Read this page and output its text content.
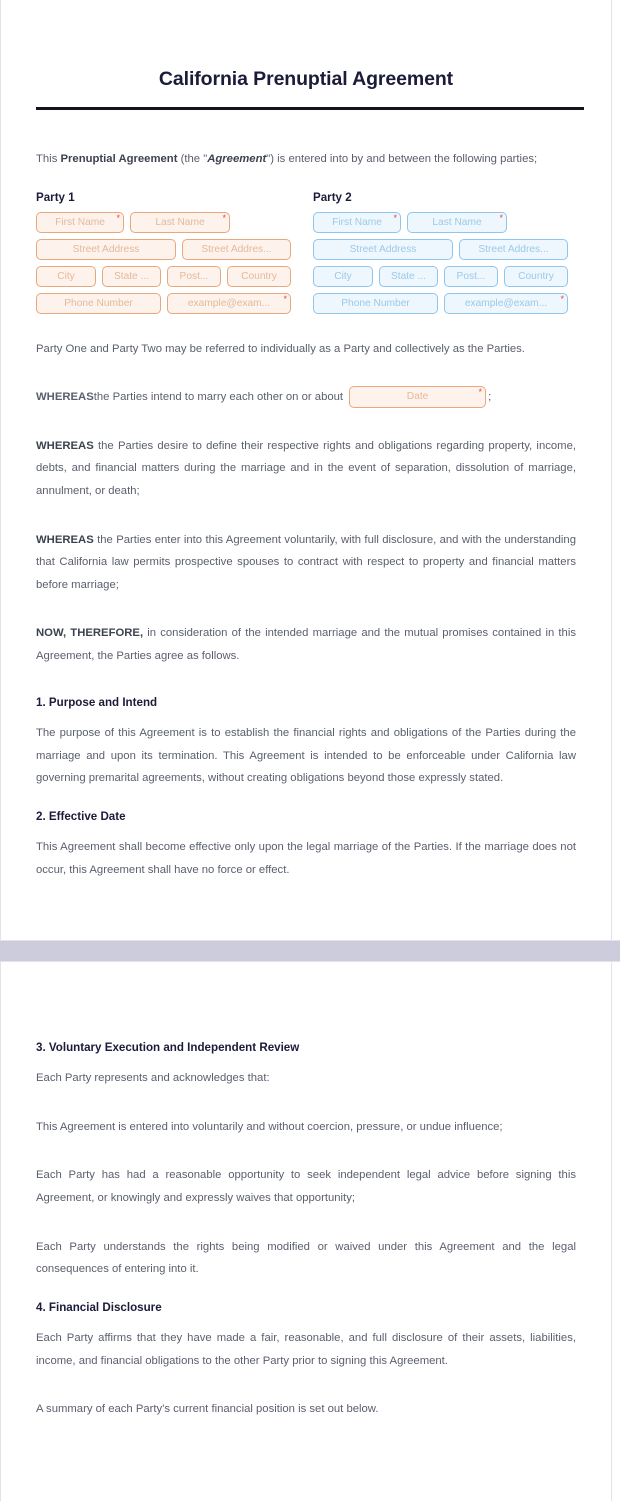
California Prenuptial Agreement

This Prenuptial Agreement (the "Agreement") is entered into by and between the following parties;

Party 1
First Name	*	Last Name	*
Street Address	Street Addres...
City	State ...	Post...	Country
Phone Number	example@exam...	*
Party 2
First Name	*	Last Name	*
Street Address	Street Addres...
City	State ...	Post...	Country
Phone Number	example@exam...	*

Party One and Party Two may be referred to individually as a Party and collectively as the Parties.

WHEREAS the Parties intend to marry each other on or about	Date	* ;

WHEREAS the Parties desire to define their respective rights and obligations regarding property, income, debts, and financial matters during the marriage and in the event of separation, dissolution of marriage, annulment, or death;

WHEREAS the Parties enter into this Agreement voluntarily, with full disclosure, and with the understanding that California law permits prospective spouses to contract with respect to property and financial matters before marriage;

NOW, THEREFORE, in consideration of the intended marriage and the mutual promises contained in this Agreement, the Parties agree as follows.

1. Purpose and Intend

The purpose of this Agreement is to establish the financial rights and obligations of the Parties during the marriage and upon its termination. This Agreement is intended to be enforceable under California law governing premarital agreements, without creating obligations beyond those expressly stated.

2. Effective Date

This Agreement shall become effective only upon the legal marriage of the Parties. If the marriage does not occur, this Agreement shall have no force or effect.

3. Voluntary Execution and Independent Review

Each Party represents and acknowledges that:

This Agreement is entered into voluntarily and without coercion, pressure, or undue influence;

Each Party has had a reasonable opportunity to seek independent legal advice before signing this Agreement, or knowingly and expressly waives that opportunity;

Each Party understands the rights being modified or waived under this Agreement and the legal consequences of entering into it.

4. Financial Disclosure

Each Party affirms that they have made a fair, reasonable, and full disclosure of their assets, liabilities, income, and financial obligations to the other Party prior to signing this Agreement.

A summary of each Party's current financial position is set out below.
